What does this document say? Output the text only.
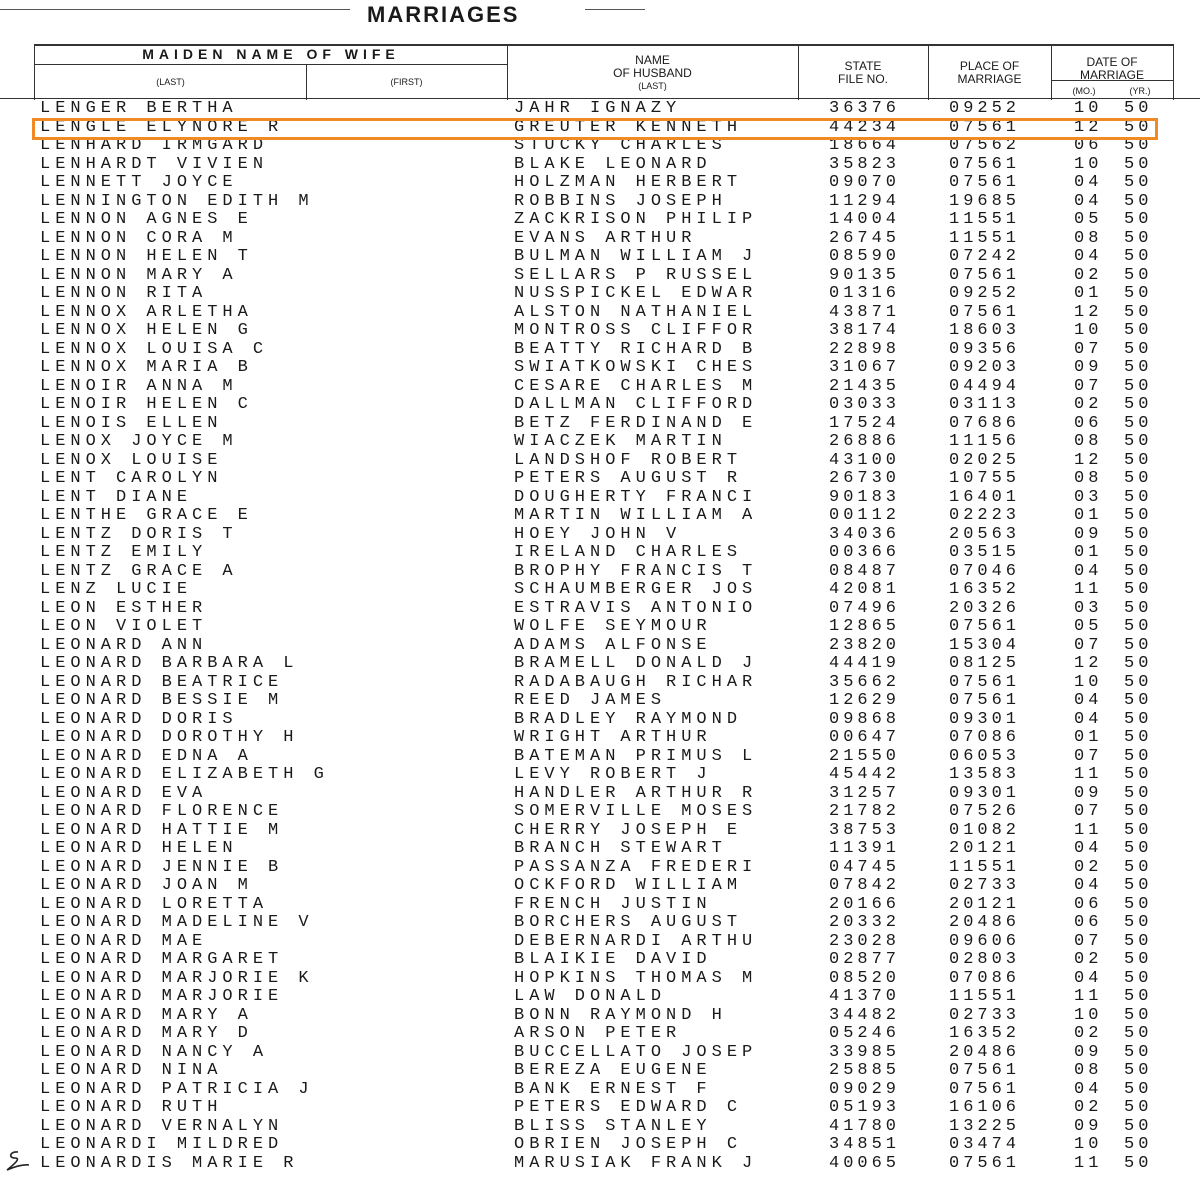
MARRIAGES
MAIDEN NAME OF WIFE
(LAST)	(FIRST)
NAME
OF HUSBAND
(LAST)
STATE
FILE NO.
PLACE OF
MARRIAGE
DATE OF
MARRIAGE
(MO.)	(YR.)
LENGER BERTHA	JAHR IGNAZY	36376	09252	10 50
LENGLE ELYNORE R	GREUTER KENNETH	44234	07561	12 50
LENHARD IRMGARD	STUCKY CHARLES	18664	07562	06 50
LENHARDT VIVIEN	BLAKE LEONARD	35823	07561	10 50
LENNETT JOYCE	HOLZMAN HERBERT	09070	07561	04 50
LENNINGTON EDITH M	ROBBINS JOSEPH	11294	19685	04 50
LENNON AGNES E	ZACKRISON PHILIP	14004	11551	05 50
LENNON CORA M	EVANS ARTHUR	26745	11551	08 50
LENNON HELEN T	BULMAN WILLIAM J	08590	07242	04 50
LENNON MARY A	SELLARS P RUSSEL	90135	07561	02 50
LENNON RITA	NUSSPICKEL EDWAR	01316	09252	01 50
LENNOX ARLETHA	ALSTON NATHANIEL	43871	07561	12 50
LENNOX HELEN G	MONTROSS CLIFFOR	38174	18603	10 50
LENNOX LOUISA C	BEATTY RICHARD B	22898	09356	07 50
LENNOX MARIA B	SWIATKOWSKI CHES	31067	09203	09 50
LENOIR ANNA M	CESARE CHARLES M	21435	04494	07 50
LENOIR HELEN C	DALLMAN CLIFFORD	03033	03113	02 50
LENOIS ELLEN	BETZ FERDINAND E	17524	07686	06 50
LENOX JOYCE M	WIACZEK MARTIN	26886	11156	08 50
LENOX LOUISE	LANDSHOF ROBERT	43100	02025	12 50
LENT CAROLYN	PETERS AUGUST R	26730	10755	08 50
LENT DIANE	DOUGHERTY FRANCI	90183	16401	03 50
LENTHE GRACE E	MARTIN WILLIAM A	00112	02223	01 50
LENTZ DORIS T	HOEY JOHN V	34036	20563	09 50
LENTZ EMILY	IRELAND CHARLES	00366	03515	01 50
LENTZ GRACE A	BROPHY FRANCIS T	08487	07046	04 50
LENZ LUCIE	SCHAUMBERGER JOS	42081	16352	11 50
LEON ESTHER	ESTRAVIS ANTONIO	07496	20326	03 50
LEON VIOLET	WOLFE SEYMOUR	12865	07561	05 50
LEONARD ANN	ADAMS ALFONSE	23820	15304	07 50
LEONARD BARBARA L	BRAMELL DONALD J	44419	08125	12 50
LEONARD BEATRICE	RADABAUGH RICHAR	35662	07561	10 50
LEONARD BESSIE M	REED JAMES	12629	07561	04 50
LEONARD DORIS	BRADLEY RAYMOND	09868	09301	04 50
LEONARD DOROTHY H	WRIGHT ARTHUR	00647	07086	01 50
LEONARD EDNA A	BATEMAN PRIMUS L	21550	06053	07 50
LEONARD ELIZABETH G	LEVY ROBERT J	45442	13583	11 50
LEONARD EVA	HANDLER ARTHUR R	31257	09301	09 50
LEONARD FLORENCE	SOMERVILLE MOSES	21782	07526	07 50
LEONARD HATTIE M	CHERRY JOSEPH E	38753	01082	11 50
LEONARD HELEN	BRANCH STEWART	11391	20121	04 50
LEONARD JENNIE B	PASSANZA FREDERI	04745	11551	02 50
LEONARD JOAN M	OCKFORD WILLIAM	07842	02733	04 50
LEONARD LORETTA	FRENCH JUSTIN	20166	20121	06 50
LEONARD MADELINE V	BORCHERS AUGUST	20332	20486	06 50
LEONARD MAE	DEBERNARDI ARTHU	23028	09606	07 50
LEONARD MARGARET	BLAIKIE DAVID	02877	02803	02 50
LEONARD MARJORIE K	HOPKINS THOMAS M	08520	07086	04 50
LEONARD MARJORIE	LAW DONALD	41370	11551	11 50
LEONARD MARY A	BONN RAYMOND H	34482	02733	10 50
LEONARD MARY D	ARSON PETER	05246	16352	02 50
LEONARD NANCY A	BUCCELLATO JOSEP	33985	20486	09 50
LEONARD NINA	BEREZA EUGENE	25885	07561	08 50
LEONARD PATRICIA J	BANK ERNEST F	09029	07561	04 50
LEONARD RUTH	PETERS EDWARD C	05193	16106	02 50
LEONARD VERNALYN	BLISS STANLEY	41780	13225	09 50
LEONARDI MILDRED	OBRIEN JOSEPH C	34851	03474	10 50
LEONARDIS MARIE R	MARUSIAK FRANK J	40065	07561	11 50
